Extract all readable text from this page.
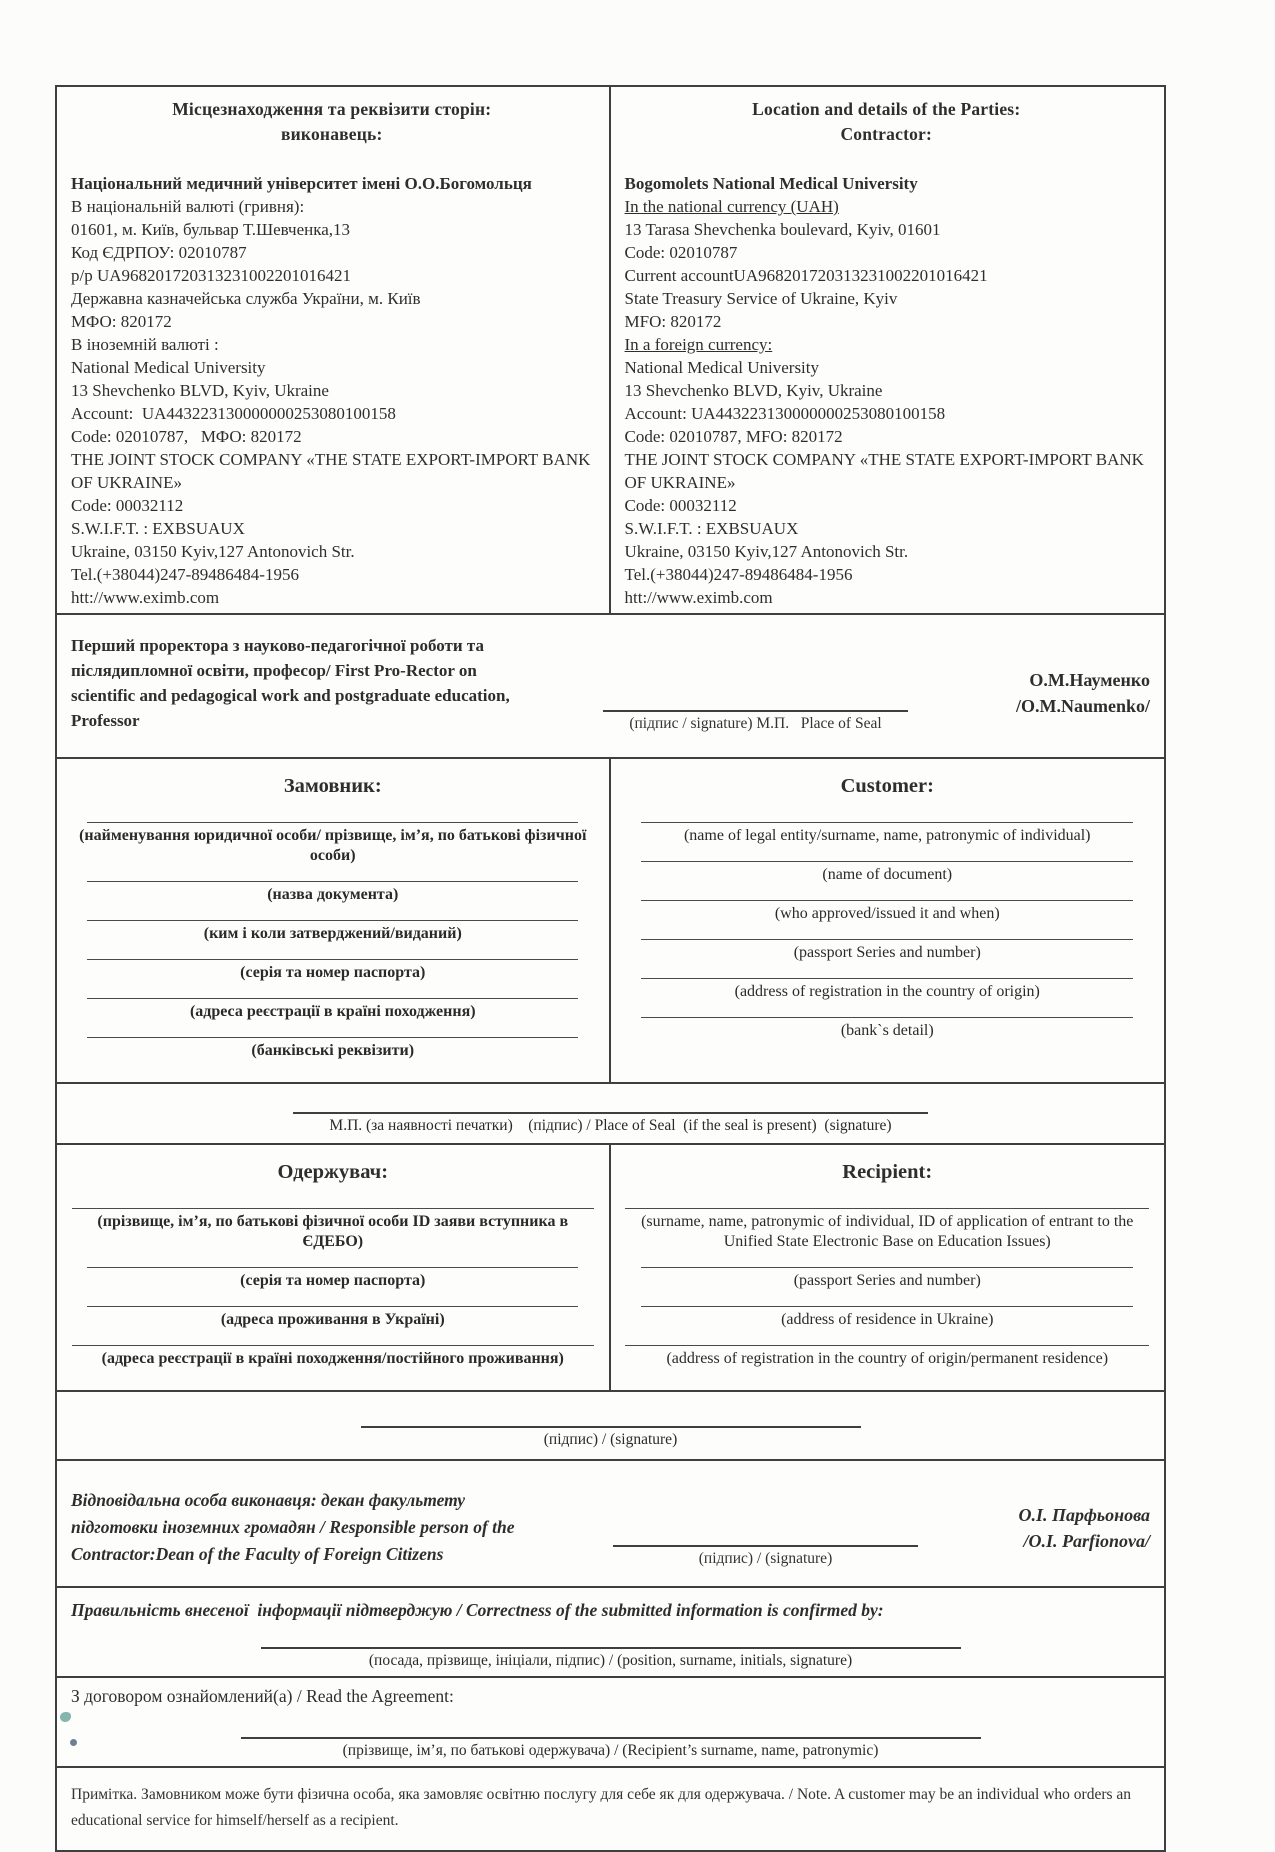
Місцезнаходження та реквізити сторін:
виконавець:
Національний медичний університет імені О.О.Богомольця
В національній валюті (гривня):
01601, м. Київ, бульвар Т.Шевченка,13
Код ЄДРПОУ: 02010787
р/р UA968201720313231002201016421
Державна казначейська служба України, м. Київ
МФО: 820172
В іноземній валюті :
National Medical University
13 Shevchenko BLVD, Kyiv, Ukraine
Account:  UA443223130000000253080100158
Code: 02010787,   МФО: 820172
THE JOINT STOCK COMPANY «THE STATE EXPORT-IMPORT BANK OF UKRAINE»
Code: 00032112
S.W.I.F.T. : EXBSUAUX
Ukraine, 03150 Kyiv,127 Antonovich Str.
Tel.(+38044)247-89486484-1956
htt://www.eximb.com
Location and details of the Parties:
Contractor:
Bogomolets National Medical University
In the national currency (UAH)
13 Tarasa Shevchenka boulevard, Kyiv, 01601
Code: 02010787
Current accountUA968201720313231002201016421
State Treasury Service of Ukraine, Kyiv
MFO: 820172
In a foreign currency:
National Medical University
13 Shevchenko BLVD, Kyiv, Ukraine
Account: UA443223130000000253080100158
Code: 02010787, MFO: 820172
THE JOINT STOCK COMPANY «THE STATE EXPORT-IMPORT BANK OF UKRAINE»
Code: 00032112
S.W.I.F.T. : EXBSUAUX
Ukraine, 03150 Kyiv,127 Antonovich Str.
Tel.(+38044)247-89486484-1956
htt://www.eximb.com
Перший проректора з науково-педагогічної роботи та післядипломної освіти, професор/ First Pro-Rector on scientific and pedagogical work and postgraduate education, Professor	(підпис / signature) М.П.   Place of Seal
О.М.Науменко
/O.M.Naumenko/
Замовник:
(найменування юридичної особи/ прізвище, ім’я, по батькові фізичної особи)
(назва документа)
(ким і коли затверджений/виданий)
(серія та номер паспорта)
(адреса реєстрації в країні походження)
(банківські реквізити)
Customer:
(name of legal entity/surname, name, patronymic of individual)
(name of document)
(who approved/issued it and when)
(passport Series and number)
(address of registration in the country of origin)
(bank`s detail)
М.П. (за наявності печатки)    (підпис) / Place of Seal  (if the seal is present)  (signature)
Одержувач:
(прізвище, ім’я, по батькові фізичної особи ID заяви вступника в ЄДЕБО)
(серія та номер паспорта)
(адреса проживання в Україні)
(адреса реєстрації в країні походження/постійного проживання)
Recipient:
(surname, name, patronymic of individual, ID of application of entrant to the Unified State Electronic Base on Education Issues)
(passport Series and number)
(address of residence in Ukraine)
(address of registration in the country of origin/permanent residence)
(підпис) / (signature)
Відповідальна особа виконавця: декан факультету підготовки іноземних громадян / Responsible person of the Contractor:Dean of the Faculty of Foreign Citizens	(підпис) / (signature)
О.І. Парфьонова
/O.I. Parfionova/
Правильність внесеної  інформації підтверджую / Correctness of the submitted information is confirmed by:
(посада, прізвище, ініціали, підпис) / (position, surname, initials, signature)
З договором ознайомлений(а) / Read the Agreement:
(прізвище, ім’я, по батькові одержувача) / (Recipient’s surname, name, patronymic)
Примітка. Замовником може бути фізична особа, яка замовляє освітню послугу для себе як для одержувача. / Note. A customer may be an individual who orders an educational service for himself/herself as a recipient.
